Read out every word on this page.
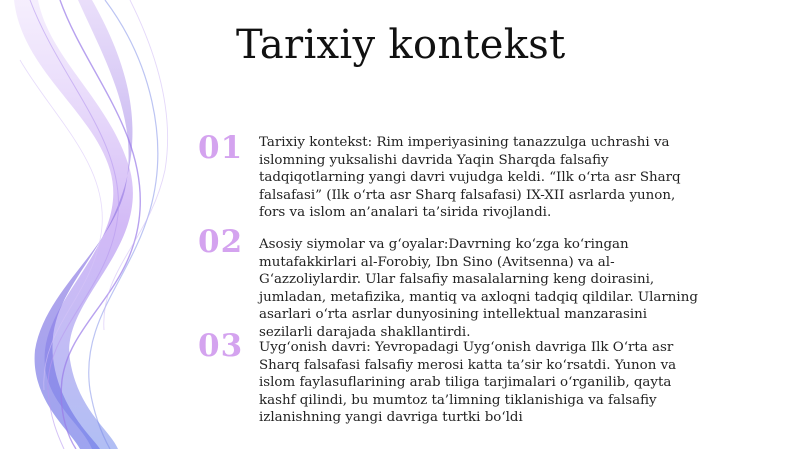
Tarixiy kontekst
01	Tarixiy kontekst: Rim imperiyasining tanazzulga uchrashi va islomning yuksalishi davrida Yaqin Sharqda falsafiy tadqiqotlarning yangi davri vujudga keldi. “Ilk o‘rta asr Sharq falsafasi” (Ilk o‘rta asr Sharq falsafasi) IX-XII asrlarda yunon, fors va islom an’analari ta’sirida rivojlandi.
02	Asosiy siymolar va g‘oyalar:Davrning ko‘zga ko‘ringan mutafakkirlari al-Forobiy, Ibn Sino (Avitsenna) va al-G‘azzoliylardir. Ular falsafiy masalalarning keng doirasini, jumladan, metafizika, mantiq va axloqni tadqiq qildilar. Ularning asarlari o‘rta asrlar dunyosining intellektual manzarasini sezilarli darajada shakllantirdi.
03	Uyg‘onish davri: Yevropadagi Uyg‘onish davriga Ilk O‘rta asr Sharq falsafasi falsafiy merosi katta ta’sir ko‘rsatdi. Yunon va islom faylasuflarining arab tiliga tarjimalari o‘rganilib, qayta kashf qilindi, bu mumtoz ta’limning tiklanishiga va falsafiy izlanishning yangi davriga turtki bo‘ldi
